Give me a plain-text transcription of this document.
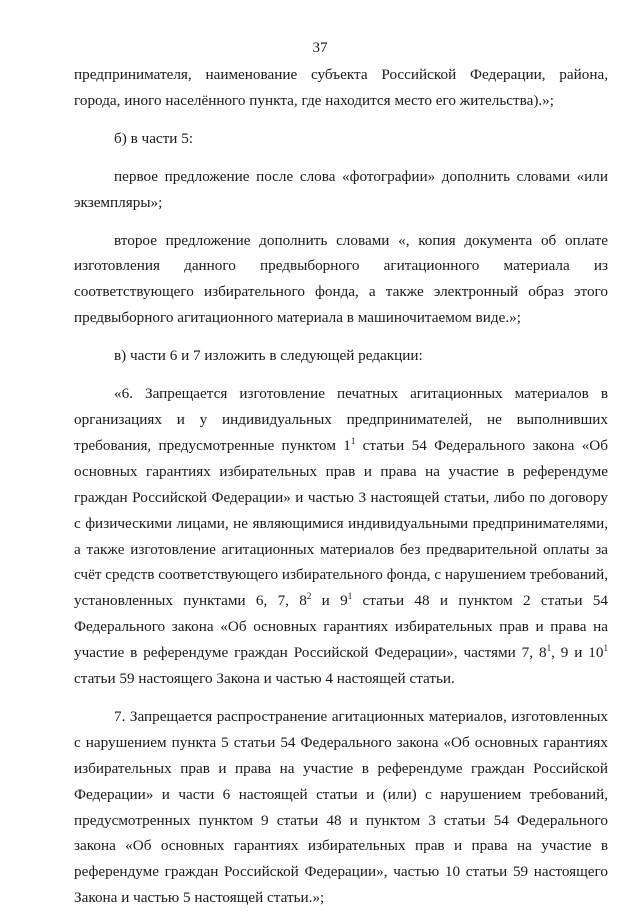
37

предпринимателя, наименование субъекта Российской Федерации, района, города, иного населённого пункта, где находится место его жительства).»;

б) в части 5:

первое предложение после слова «фотографии» дополнить словами «или экземпляры»;

второе предложение дополнить словами «, копия документа об оплате изготовления данного предвыборного агитационного материала из соответствующего избирательного фонда, а также электронный образ этого предвыборного агитационного материала в машиночитаемом виде.»;

в) части 6 и 7 изложить в следующей редакции:

«6. Запрещается изготовление печатных агитационных материалов в организациях и у индивидуальных предпринимателей, не выполнивших требования, предусмотренные пунктом $1^1$ статьи 54 Федерального закона «Об основных гарантиях избирательных прав и права на участие в референдуме граждан Российской Федерации» и частью 3 настоящей статьи, либо по договору с физическими лицами, не являющимися индивидуальными предпринимателями, а также изготовление агитационных материалов без предварительной оплаты за счёт средств соответствующего избирательного фонда, с нарушением требований, установленных пунктами 6, 7, $8^2$ и $9^1$ статьи 48 и пунктом 2 статьи 54 Федерального закона «Об основных гарантиях избирательных прав и права на участие в референдуме граждан Российской Федерации», частями 7, $8^1$, 9 и $10^1$ статьи 59 настоящего Закона и частью 4 настоящей статьи.

7. Запрещается распространение агитационных материалов, изготовленных с нарушением пункта 5 статьи 54 Федерального закона «Об основных гарантиях избирательных прав и права на участие в референдуме граждан Российской Федерации» и части 6 настоящей статьи и (или) с нарушением требований, предусмотренных пунктом 9 статьи 48 и пунктом 3 статьи 54 Федерального закона «Об основных гарантиях избирательных прав и права на участие в референдуме граждан Российской Федерации», частью 10 статьи 59 настоящего Закона и частью 5 настоящей статьи.»;
